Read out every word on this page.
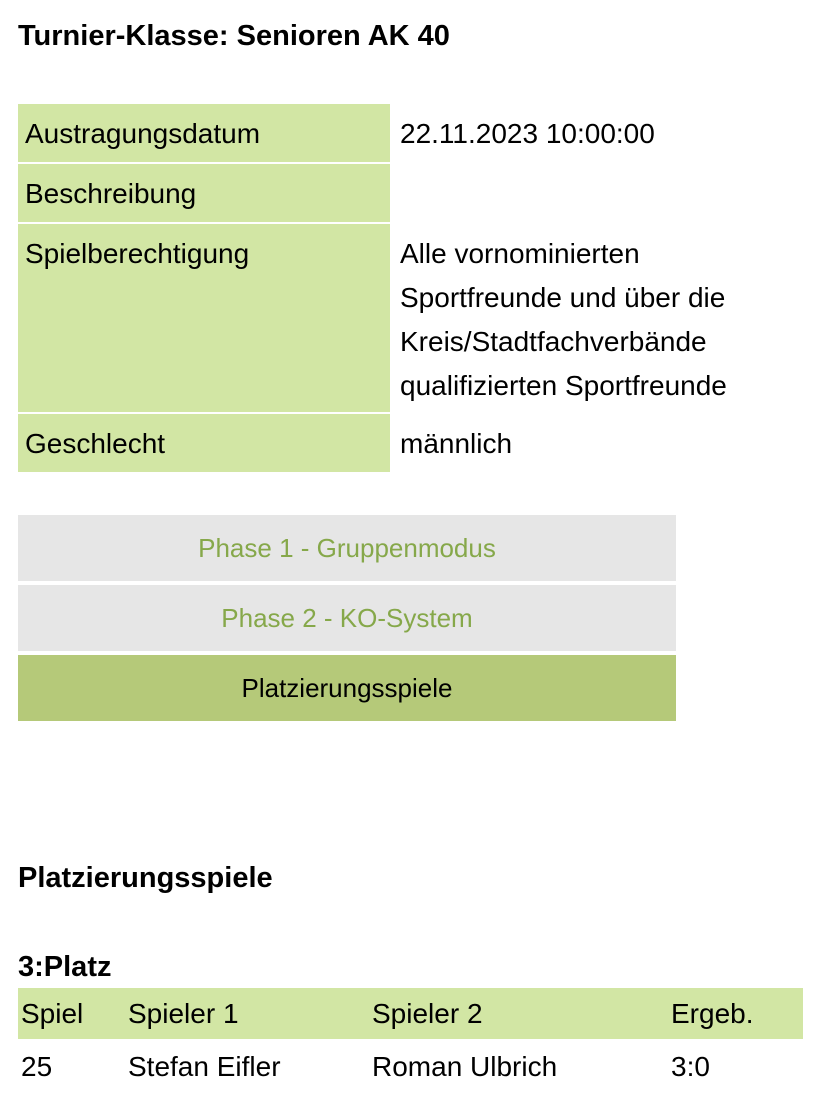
Turnier-Klasse: Senioren AK 40
Austragungsdatum	22.11.2023 10:00:00
Beschreibung	
Spielberechtigung	Alle vornominierten Sportfreunde und über die Kreis/Stadtfachverbände qualifizierten Sportfreunde
Geschlecht	männlich
Phase 1 - Gruppenmodus
Phase 2 - KO-System
Platzierungsspiele
Platzierungsspiele
3:Platz
Spiel	Spieler 1	Spieler 2	Ergeb.
25	Stefan Eifler	Roman Ulbrich	3:0
